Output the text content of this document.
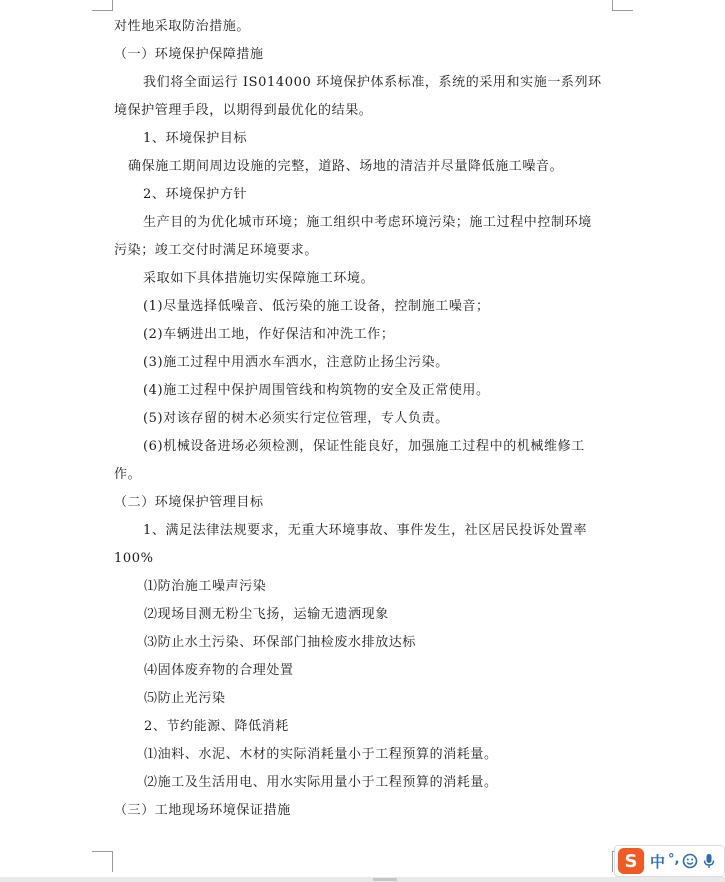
对性地采取防治措施。
（一）环境保护保障措施
我们将全面运行 IS014000 环境保护体系标准，系统的采用和实施一系列环
境保护管理手段，以期得到最优化的结果。
1、环境保护目标
确保施工期间周边设施的完整，道路、场地的清洁并尽量降低施工噪音。
2、环境保护方针
生产目的为优化城市环境；施工组织中考虑环境污染；施工过程中控制环境
污染；竣工交付时满足环境要求。
采取如下具体措施切实保障施工环境。
(1)尽量选择低噪音、低污染的施工设备，控制施工噪音；
(2)车辆进出工地，作好保洁和冲洗工作；
(3)施工过程中用洒水车洒水，注意防止扬尘污染。
(4)施工过程中保护周围管线和构筑物的安全及正常使用。
(5)对该存留的树木必须实行定位管理，专人负责。
(6)机械设备进场必须检测，保证性能良好，加强施工过程中的机械维修工
作。
（二）环境保护管理目标
1、满足法律法规要求，无重大环境事故、事件发生，社区居民投诉处置率
100%
⑴防治施工噪声污染
⑵现场目测无粉尘飞扬，运输无遗洒现象
⑶防止水土污染、环保部门抽检废水排放达标
⑷固体废弃物的合理处置
⑸防止光污染
2、节约能源、降低消耗
⑴油料、水泥、木材的实际消耗量小于工程预算的消耗量。
⑵施工及生活用电、用水实际用量小于工程预算的消耗量。
（三）工地现场环境保证措施
S 中 °,
